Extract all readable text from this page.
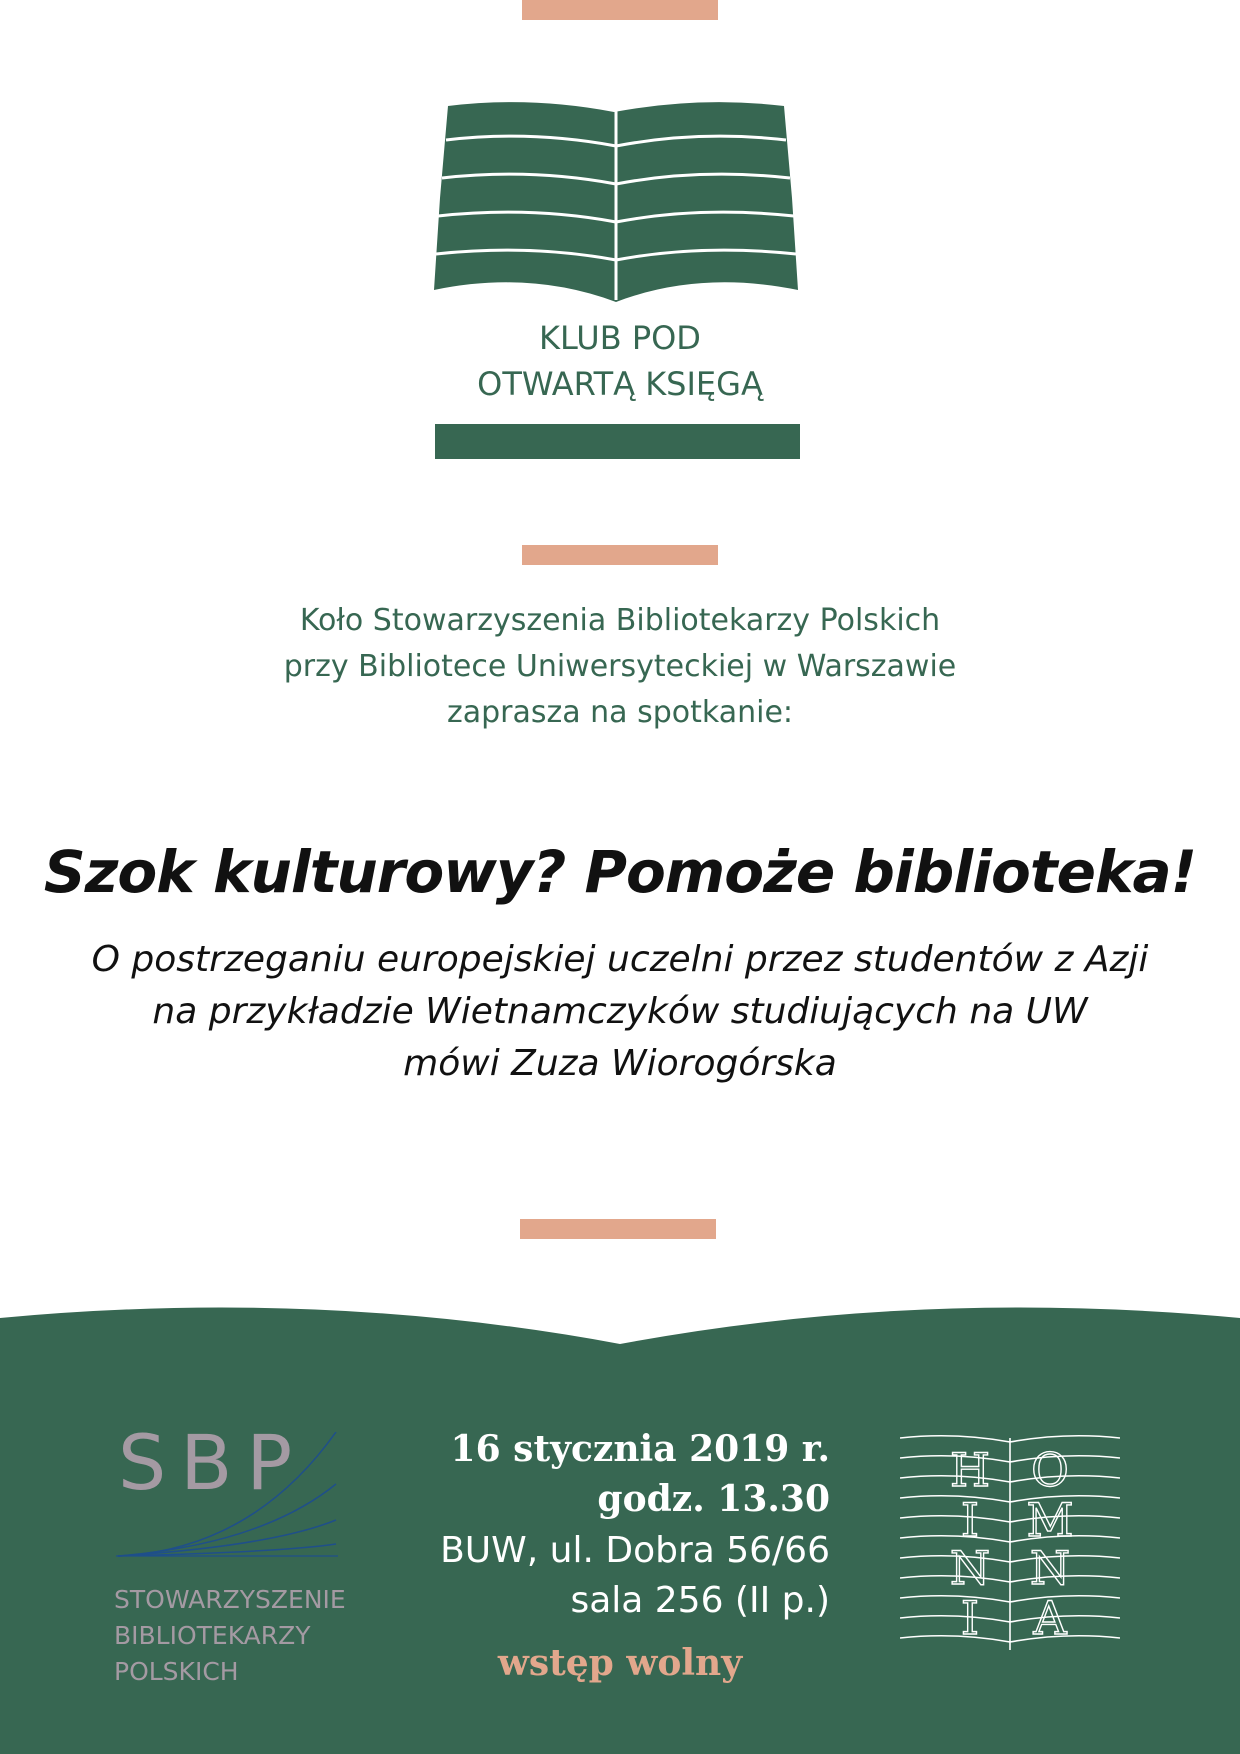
KLUB POD
OTWARTĄ KSIĘGĄ
Koło Stowarzyszenia Bibliotekarzy Polskich
przy Bibliotece Uniwersyteckiej w Warszawie
zaprasza na spotkanie:
Szok kulturowy? Pomoże biblioteka!
O postrzeganiu europejskiej uczelni przez studentów z Azji
na przykładzie Wietnamczyków studiujących na UW
mówi Zuza Wiorogórska
SBP
STOWARZYSZENIE
BIBLIOTEKARZY
POLSKICH
16 stycznia 2019 r.
godz. 13.30
BUW, ul. Dobra 56/66
sala 256 (II p.)
wstęp wolny
H O
I M
N N
I A
